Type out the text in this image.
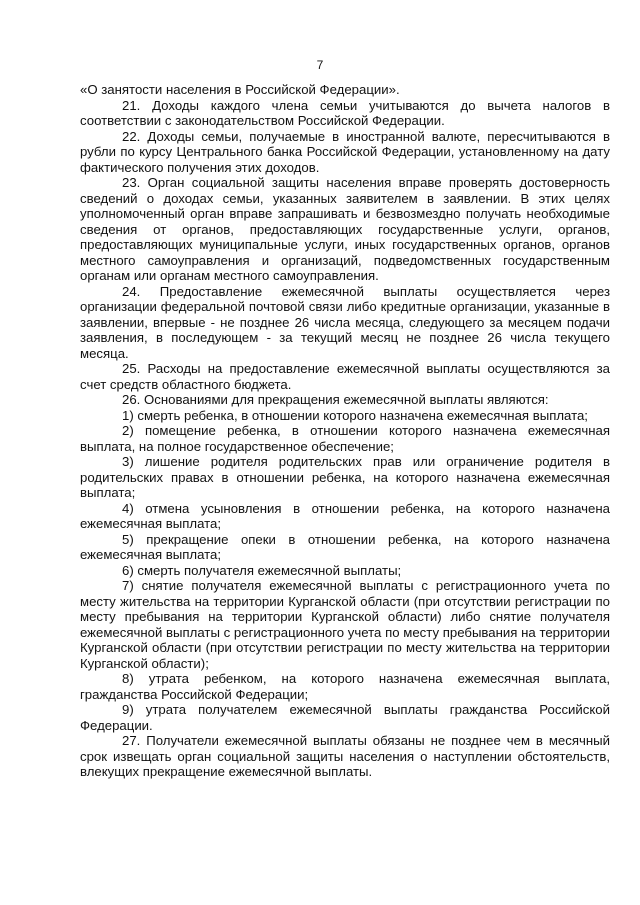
7

«О занятости населения в Российской Федерации».

21. Доходы каждого члена семьи учитываются до вычета налогов в соответствии с законодательством Российской Федерации.

22. Доходы семьи, получаемые в иностранной валюте, пересчитываются в рубли по курсу Центрального банка Российской Федерации, установленному на дату фактического получения этих доходов.

23. Орган социальной защиты населения вправе проверять достоверность сведений о доходах семьи, указанных заявителем в заявлении. В этих целях уполномоченный орган вправе запрашивать и безвозмездно получать необходимые сведения от органов, предоставляющих государственные услуги, органов, предоставляющих муниципальные услуги, иных государственных органов, органов местного самоуправления и организаций, подведомственных государственным органам или органам местного самоуправления.

24. Предоставление ежемесячной выплаты осуществляется через организации федеральной почтовой связи либо кредитные организации, указанные в заявлении, впервые - не позднее 26 числа месяца, следующего за месяцем подачи заявления, в последующем - за текущий месяц не позднее 26 числа текущего месяца.

25. Расходы на предоставление ежемесячной выплаты осуществляются за счет средств областного бюджета.

26. Основаниями для прекращения ежемесячной выплаты являются:

1) смерть ребенка, в отношении которого назначена ежемесячная выплата;

2) помещение ребенка, в отношении которого назначена ежемесячная выплата, на полное государственное обеспечение;

3) лишение родителя родительских прав или ограничение родителя в родительских правах в отношении ребенка, на которого назначена ежемесячная выплата;

4) отмена усыновления в отношении ребенка, на которого назначена ежемесячная выплата;

5) прекращение опеки в отношении ребенка, на которого назначена ежемесячная выплата;

6) смерть получателя ежемесячной выплаты;

7) снятие получателя ежемесячной выплаты с регистрационного учета по месту жительства на территории Курганской области (при отсутствии регистрации по месту пребывания на территории Курганской области) либо снятие получателя ежемесячной выплаты с регистрационного учета по месту пребывания на территории Курганской области (при отсутствии регистрации по месту жительства на территории Курганской области);

8) утрата ребенком, на которого назначена ежемесячная выплата, гражданства Российской Федерации;

9) утрата получателем ежемесячной выплаты гражданства Российской Федерации.

27. Получатели ежемесячной выплаты обязаны не позднее чем в месячный срок извещать орган социальной защиты населения о наступлении обстоятельств, влекущих прекращение ежемесячной выплаты.
